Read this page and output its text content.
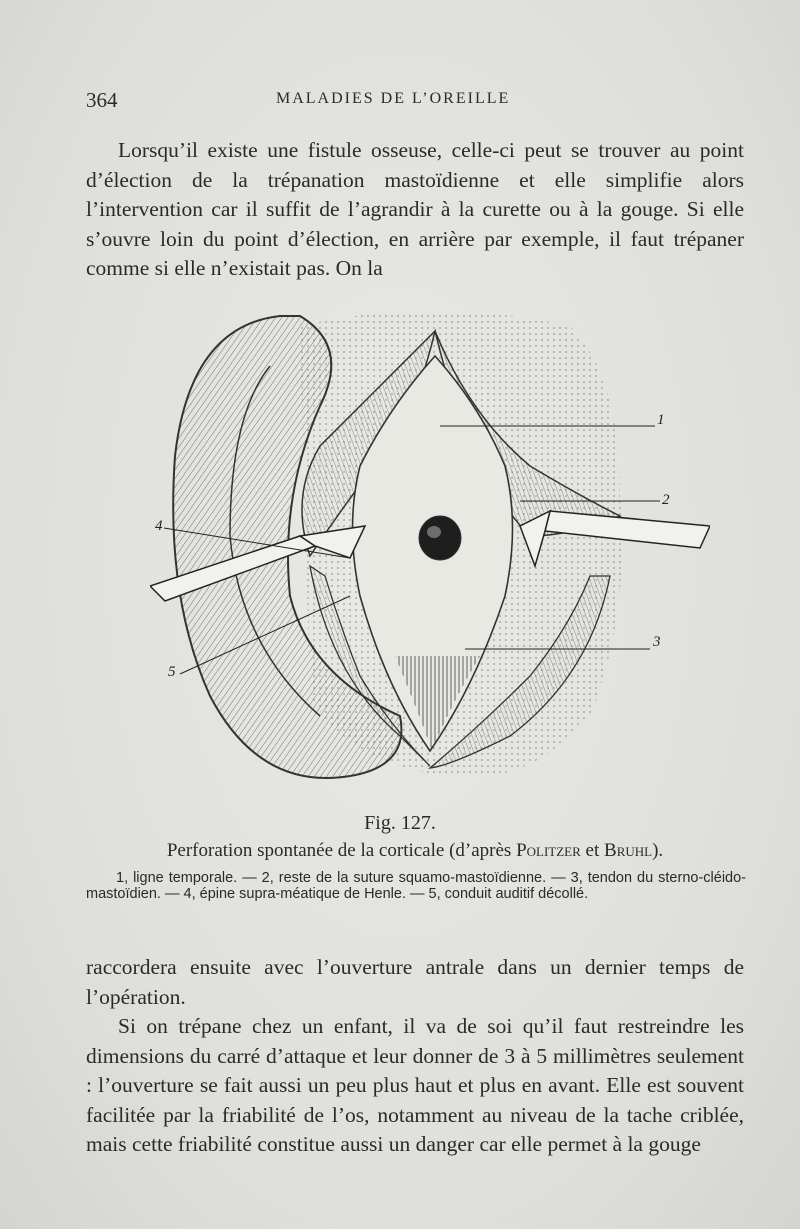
364	MALADIES DE L’OREILLE

Lorsqu’il existe une fistule osseuse, celle-ci peut se trouver au point d’élection de la trépanation mastoïdienne et elle simplifie alors l’intervention car il suffit de l’agrandir à la curette ou à la gouge. Si elle s’ouvre loin du point d’élection, en arrière par exemple, il faut trépaner comme si elle n’existait pas. On la

1
2
3
4
5
Fig. 127.
Perforation spontanée de la corticale (d’après Politzer et Bruhl).

1, ligne temporale. — 2, reste de la suture squamo-mastoïdienne. — 3, tendon du sterno-cléido-mastoïdien. — 4, épine supra-méatique de Henle. — 5, conduit auditif décollé.

raccordera ensuite avec l’ouverture antrale dans un dernier temps de l’opération.

Si on trépane chez un enfant, il va de soi qu’il faut restreindre les dimensions du carré d’attaque et leur donner de 3 à 5 millimètres seulement : l’ouverture se fait aussi un peu plus haut et plus en avant. Elle est souvent facilitée par la friabilité de l’os, notamment au niveau de la tache criblée, mais cette friabilité constitue aussi un danger car elle permet à la gouge
